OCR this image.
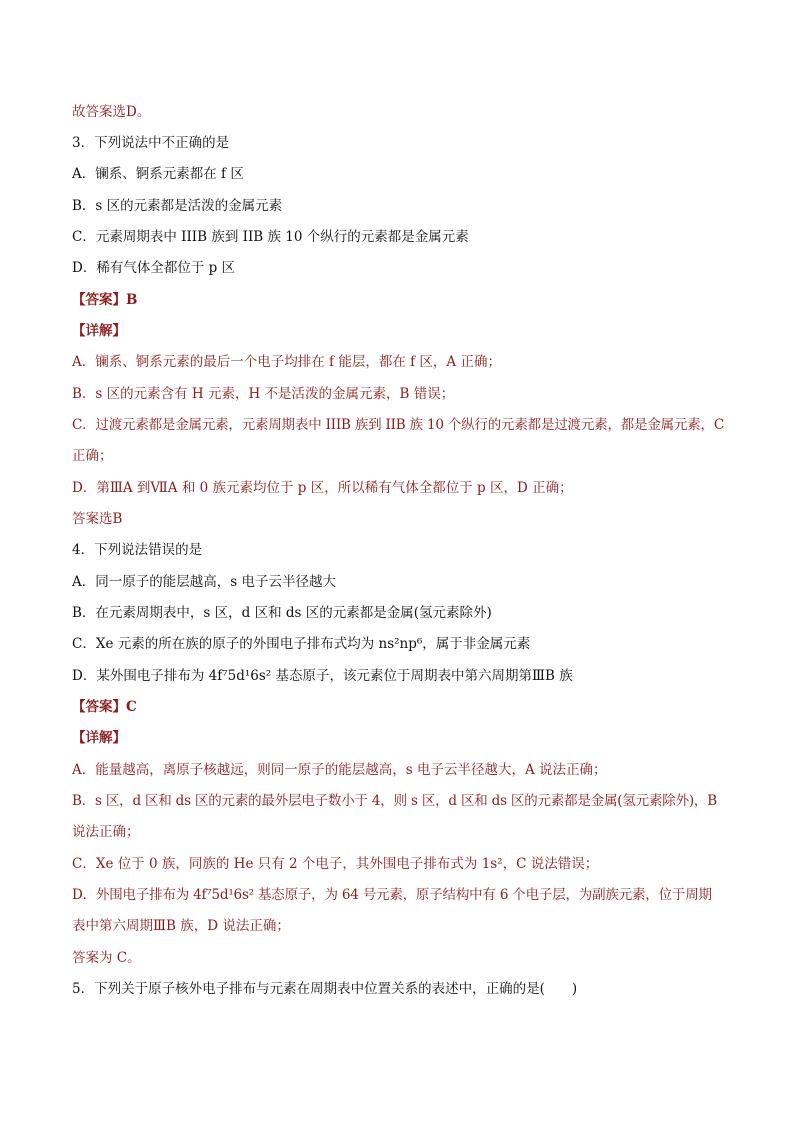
故答案选D。
3．下列说法中不正确的是
A．镧系、锕系元素都在 f 区
B．s 区的元素都是活泼的金属元素
C．元素周期表中 IIIB 族到 IIB 族 10 个纵行的元素都是金属元素
D．稀有气体全都位于 p 区
【答案】B
【详解】
A．镧系、锕系元素的最后一个电子均排在 f 能层，都在 f 区，A 正确；
B．s 区的元素含有 H 元素，H 不是活泼的金属元素，B 错误；
C．过渡元素都是金属元素，元素周期表中 IIIB 族到 IIB 族 10 个纵行的元素都是过渡元素，都是金属元素，C
正确；
D．第ⅢA 到ⅦA 和 0 族元素均位于 p 区，所以稀有气体全都位于 p 区，D 正确；
答案选B
4．下列说法错误的是
A．同一原子的能层越高，s 电子云半径越大
B．在元素周期表中，s 区，d 区和 ds 区的元素都是金属(氢元素除外)
C．Xe 元素的所在族的原子的外围电子排布式均为 ns²np⁶，属于非金属元素
D．某外围电子排布为 4f⁷5d¹6s² 基态原子，该元素位于周期表中第六周期第ⅢB 族
【答案】C
【详解】
A．能量越高，离原子核越远，则同一原子的能层越高，s 电子云半径越大，A 说法正确；
B．s 区，d 区和 ds 区的元素的最外层电子数小于 4，则 s 区，d 区和 ds 区的元素都是金属(氢元素除外)，B
说法正确；
C．Xe 位于 0 族，同族的 He 只有 2 个电子，其外围电子排布式为 1s²，C 说法错误；
D．外围电子排布为 4f⁷5d¹6s² 基态原子，为 64 号元素，原子结构中有 6 个电子层，为副族元素，位于周期
表中第六周期ⅢB 族，D 说法正确；
答案为 C。
5．下列关于原子核外电子排布与元素在周期表中位置关系的表述中，正确的是(　　)
